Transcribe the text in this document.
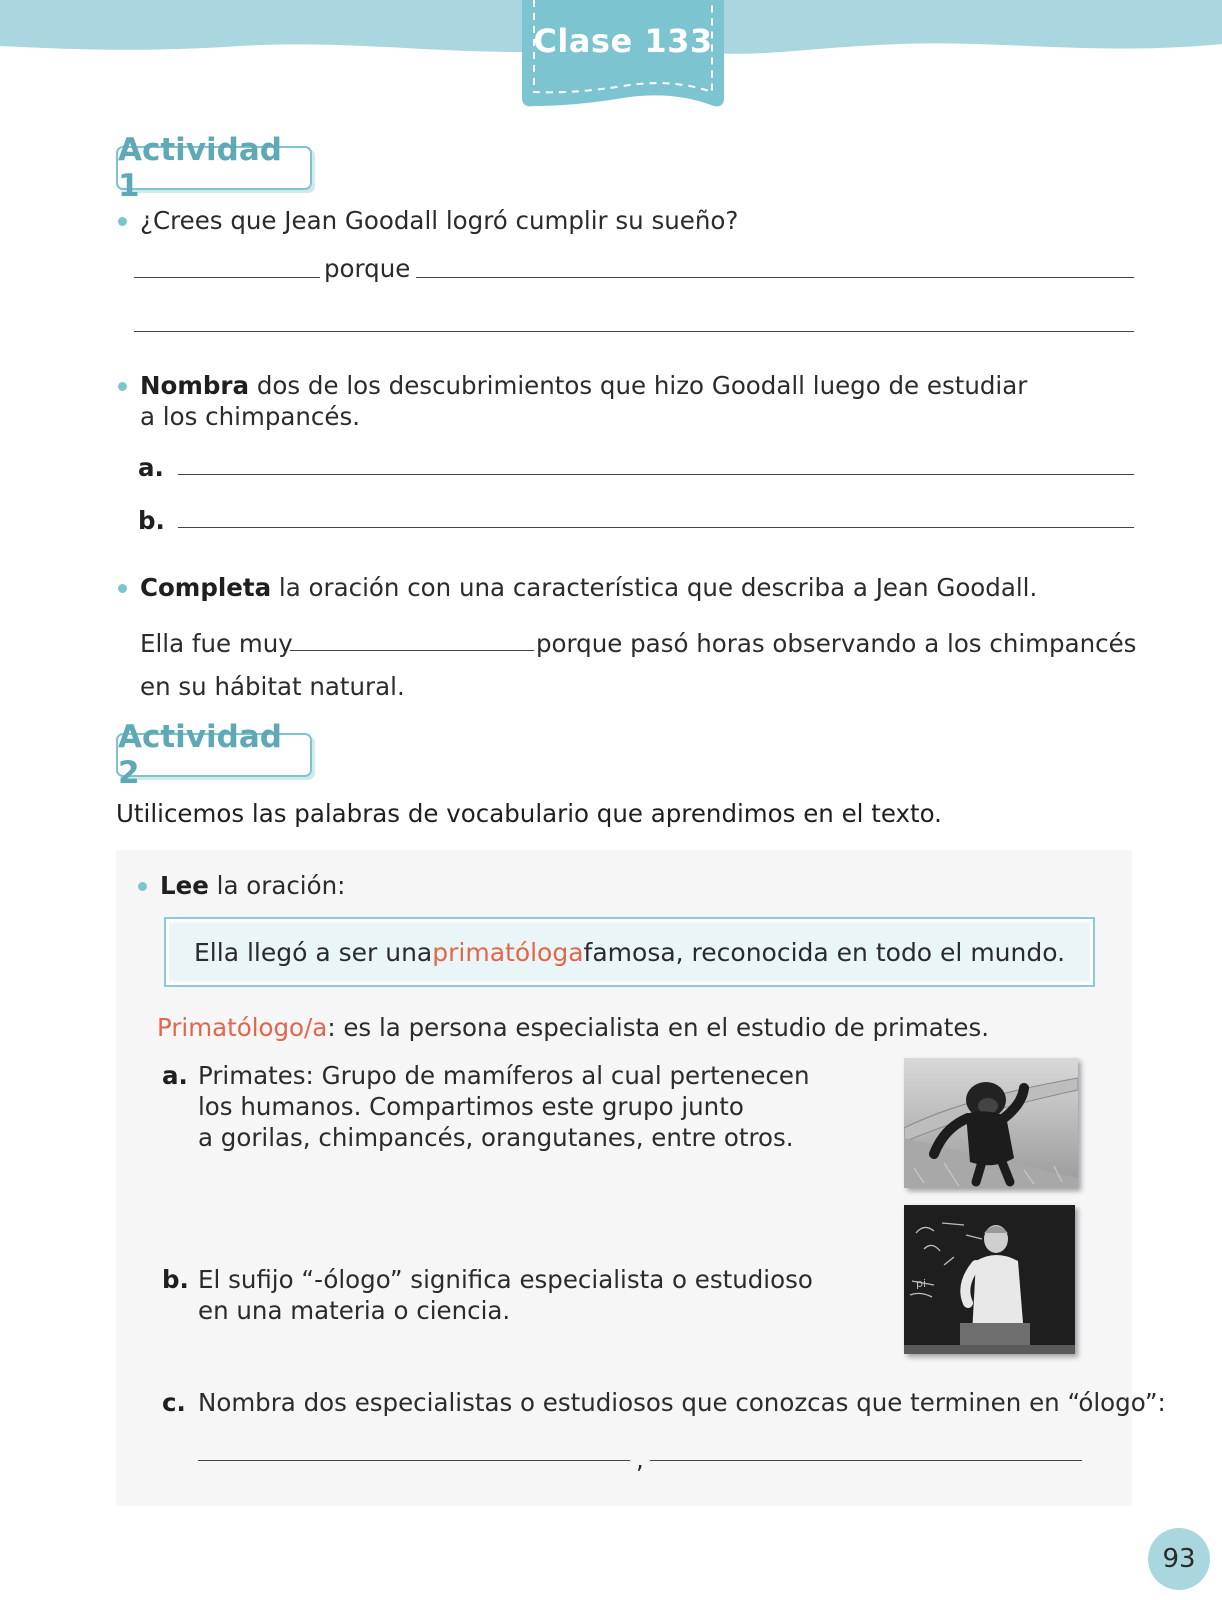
Clase 133
Actividad 1
¿Crees que Jean Goodall logró cumplir su sueño?
porque
Nombra dos de los descubrimientos que hizo Goodall luego de estudiar
a los chimpancés.
a.
b.
Completa la oración con una característica que describa a Jean Goodall.
Ella fue muy	porque pasó horas observando a los chimpancés
en su hábitat natural.
Actividad 2
Utilicemos las palabras de vocabulario que aprendimos en el texto.
Lee la oración:
Ella llegó a ser una primatóloga famosa, reconocida en todo el mundo.
Primatólogo/a: es la persona especialista en el estudio de primates.
a. Primates: Grupo de mamíferos al cual pertenecen
los humanos. Compartimos este grupo junto
a gorilas, chimpancés, orangutanes, entre otros.
pi
b. El sufijo “-ólogo” significa especialista o estudioso
en una materia o ciencia.
c. Nombra dos especialistas o estudiosos que conozcas que terminen en “ólogo”:
,
93
